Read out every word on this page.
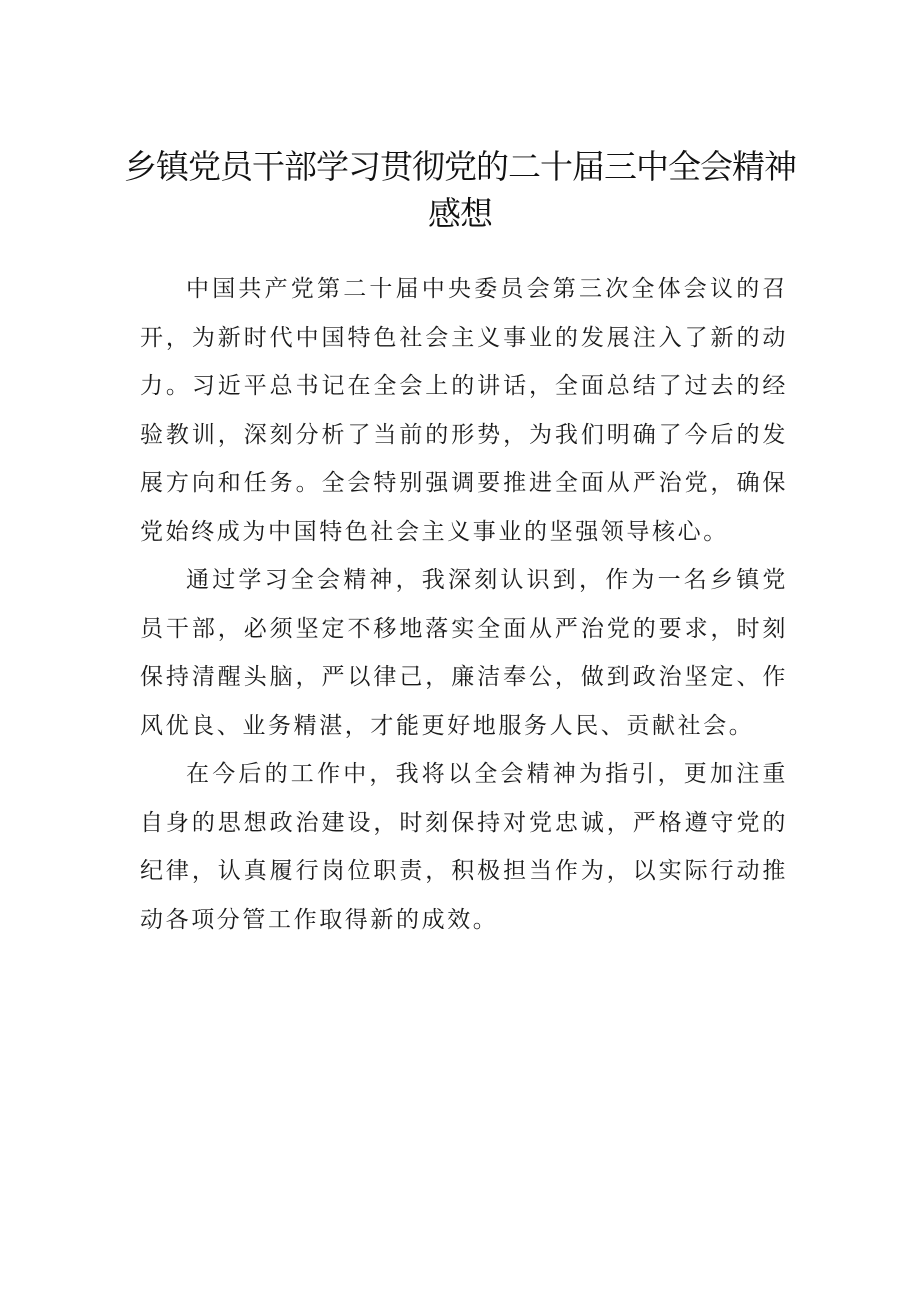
乡镇党员干部学习贯彻党的二十届三中全会精神感想

中国共产党第二十届中央委员会第三次全体会议的召开，为新时代中国特色社会主义事业的发展注入了新的动力。习近平总书记在全会上的讲话，全面总结了过去的经验教训，深刻分析了当前的形势，为我们明确了今后的发展方向和任务。全会特别强调要推进全面从严治党，确保党始终成为中国特色社会主义事业的坚强领导核心。

通过学习全会精神，我深刻认识到，作为一名乡镇党员干部，必须坚定不移地落实全面从严治党的要求，时刻保持清醒头脑，严以律己，廉洁奉公，做到政治坚定、作风优良、业务精湛，才能更好地服务人民、贡献社会。

在今后的工作中，我将以全会精神为指引，更加注重自身的思想政治建设，时刻保持对党忠诚，严格遵守党的纪律，认真履行岗位职责，积极担当作为，以实际行动推动各项分管工作取得新的成效。
